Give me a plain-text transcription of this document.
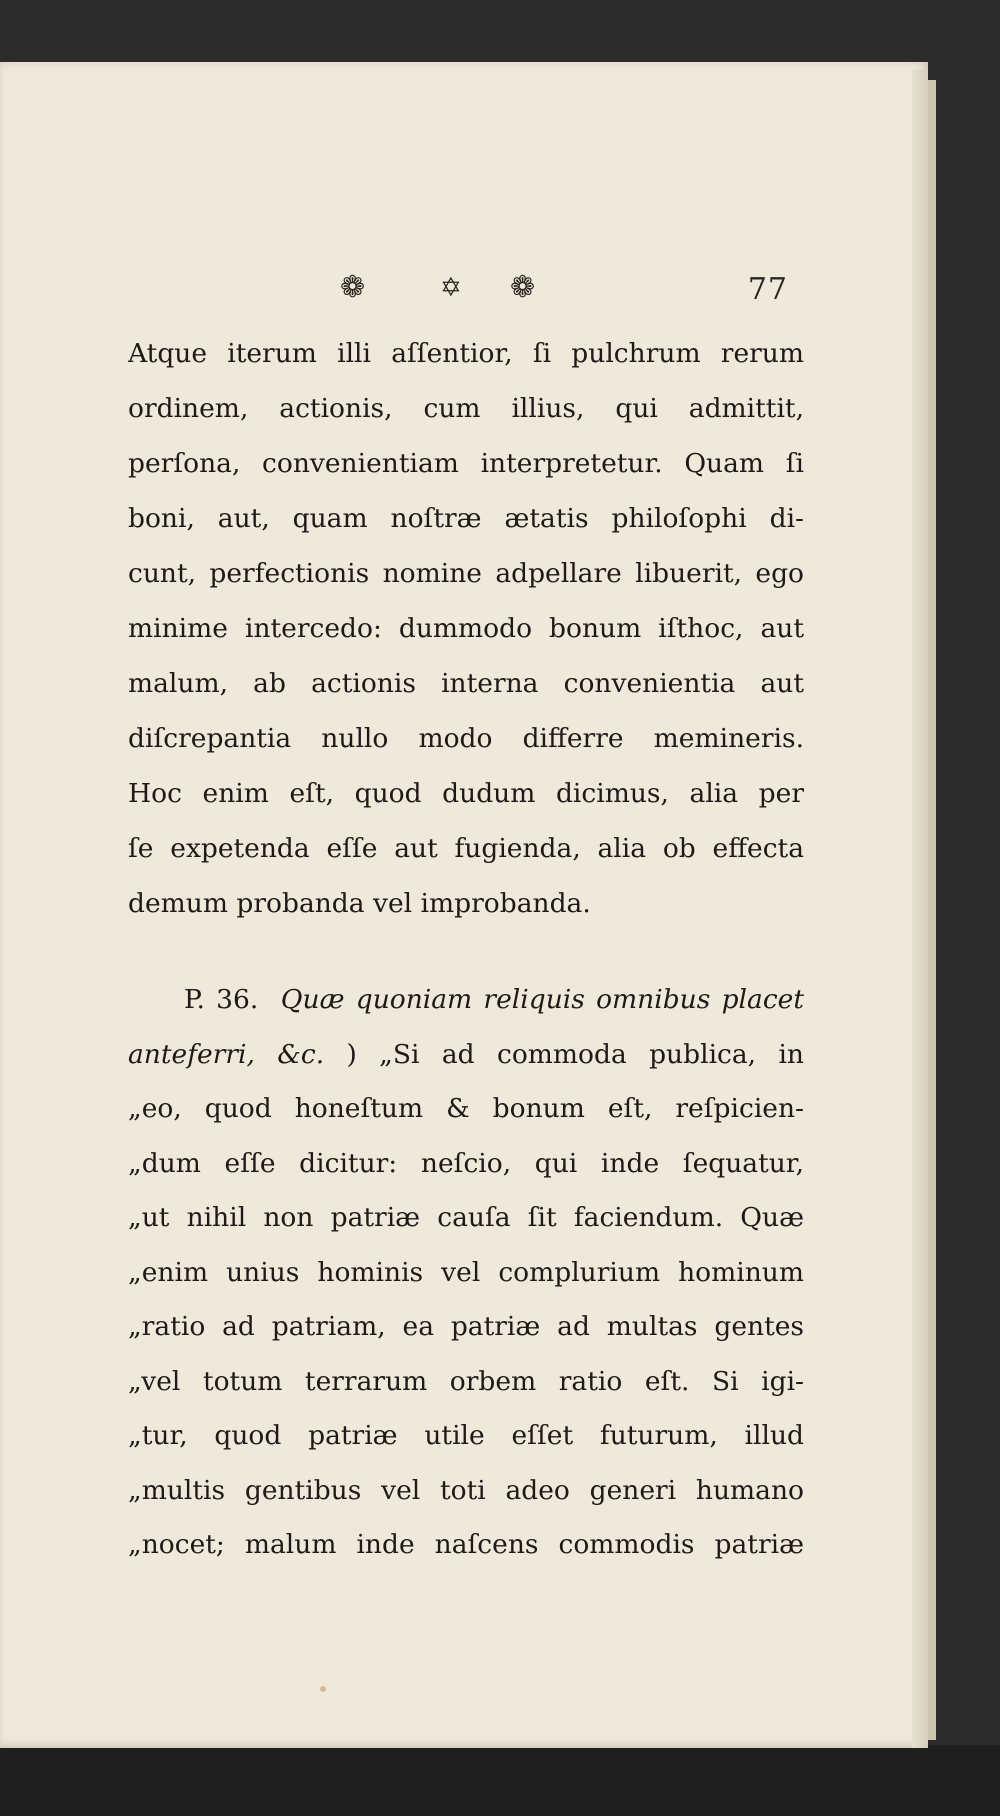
❁	✡ ❁	77
Atque iterum illi aſſentior, ſi pulchrum rerum
ordinem, actionis, cum illius, qui admittit,
perſona, convenientiam interpretetur. Quam ſi
boni, aut, quam noſtræ ætatis philoſophi di-
cunt, perfectionis nomine adpellare libuerit, ego
minime intercedo: dummodo bonum iſthoc, aut
malum, ab actionis interna convenientia aut
diſcrepantia nullo modo differre memineris.
Hoc enim eſt, quod dudum dicimus, alia per
ſe expetenda eſſe aut fugienda, alia ob effecta
demum probanda vel improbanda.
P. 36. Quæ quoniam reliquis omnibus placet
anteferri, &c. ) „Si ad commoda publica, in
„eo, quod honeſtum & bonum eſt, reſpicien-
„dum eſſe dicitur: neſcio, qui inde ſequatur,
„ut nihil non patriæ cauſa ſit faciendum. Quæ
„enim unius hominis vel complurium hominum
„ratio ad patriam, ea patriæ ad multas gentes
„vel totum terrarum orbem ratio eſt. Si igi-
„tur, quod patriæ utile eſſet futurum, illud
„multis gentibus vel toti adeo generi humano
„nocet; malum inde naſcens commodis patriæ
